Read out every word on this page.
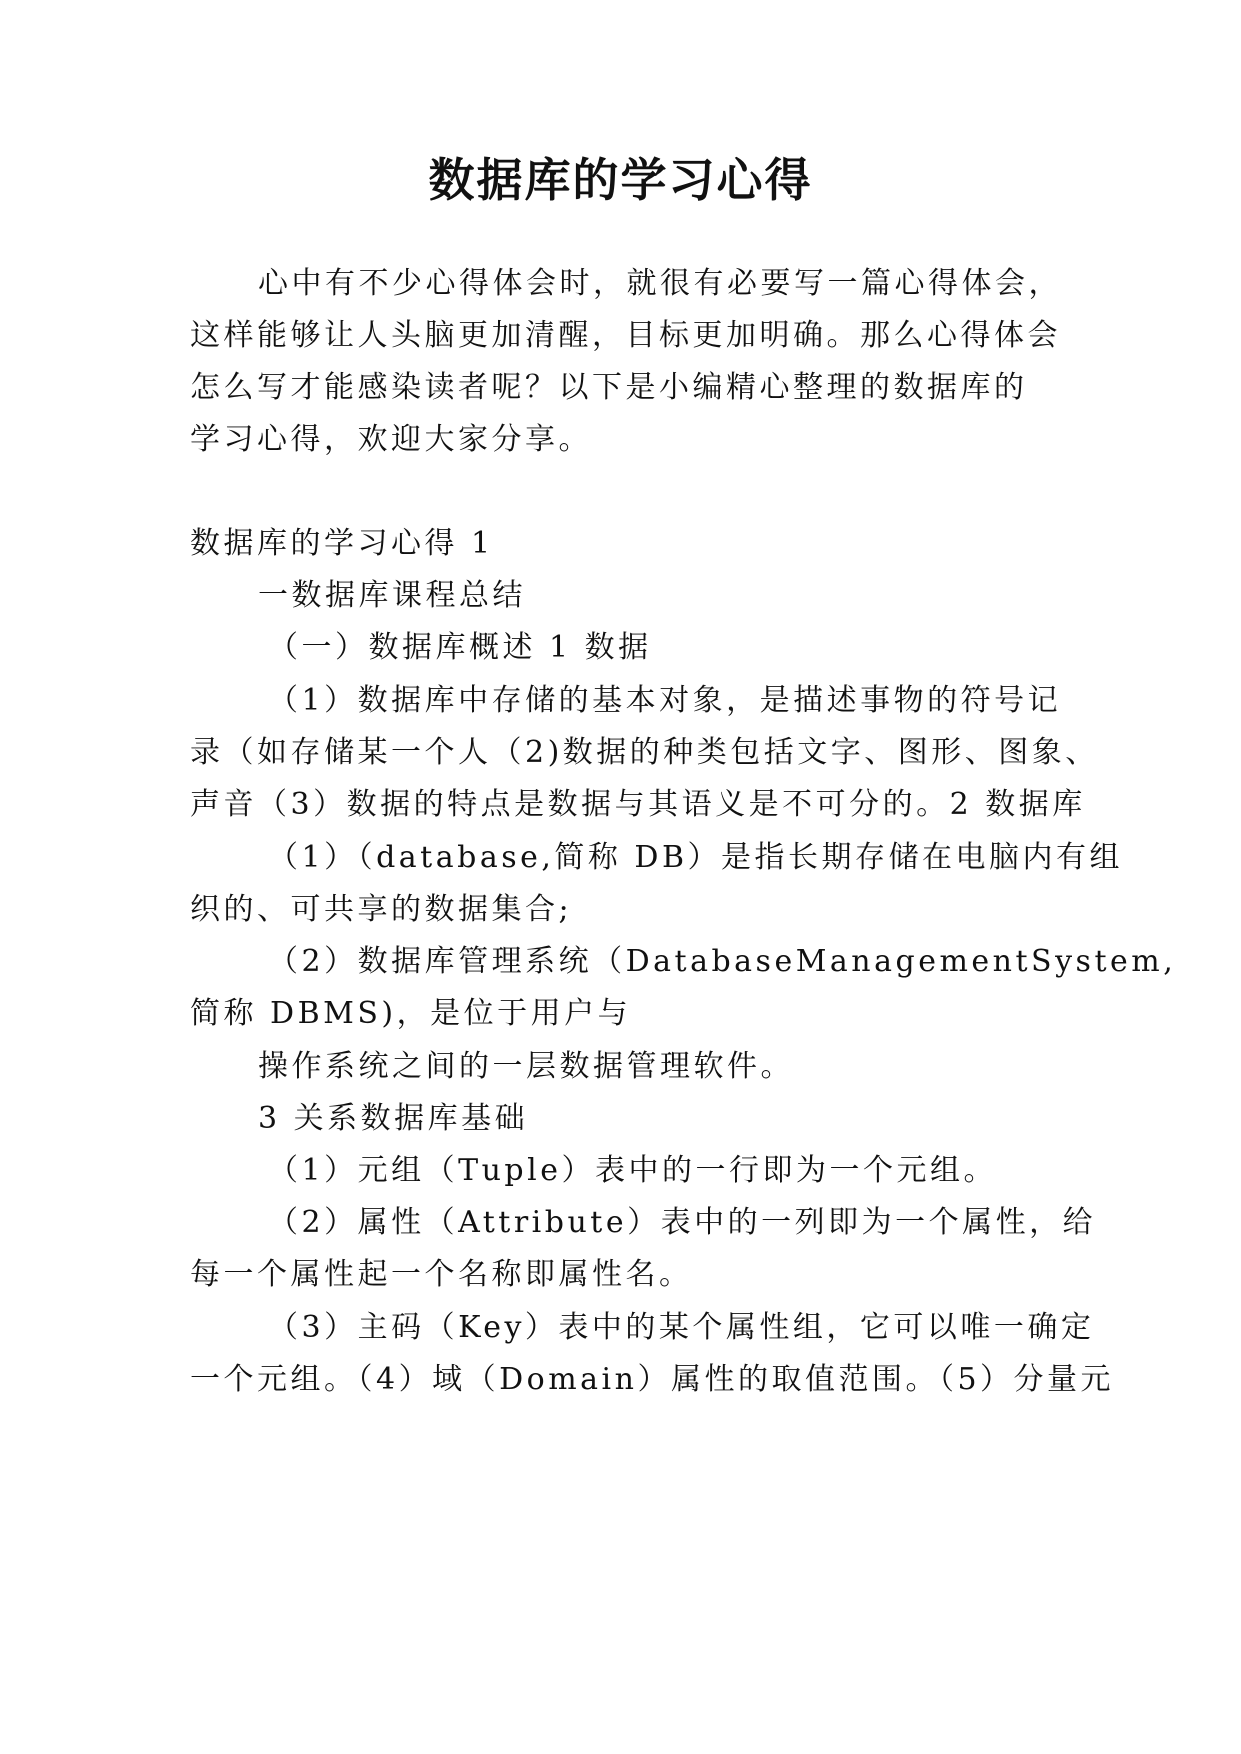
数据库的学习心得
心中有不少心得体会时，就很有必要写一篇心得体会，
这样能够让人头脑更加清醒，目标更加明确。那么心得体会
怎么写才能感染读者呢？以下是小编精心整理的数据库的
学习心得，欢迎大家分享。
数据库的学习心得 1
一数据库课程总结
（一）数据库概述 1 数据
（1）数据库中存储的基本对象，是描述事物的符号记
录（如存储某一个人（2)数据的种类包括文字、图形、图象、
声音（3）数据的特点是数据与其语义是不可分的。2 数据库
（1）（database,简称 DB）是指长期存储在电脑内有组
织的、可共享的数据集合;
（2）数据库管理系统（DatabaseManagementSystem,
简称 DBMS)，是位于用户与
操作系统之间的一层数据管理软件。
3 关系数据库基础
（1）元组（Tuple）表中的一行即为一个元组。
（2）属性（Attribute）表中的一列即为一个属性，给
每一个属性起一个名称即属性名。
（3）主码（Key）表中的某个属性组，它可以唯一确定
一个元组。（4）域（Domain）属性的取值范围。（5）分量元
